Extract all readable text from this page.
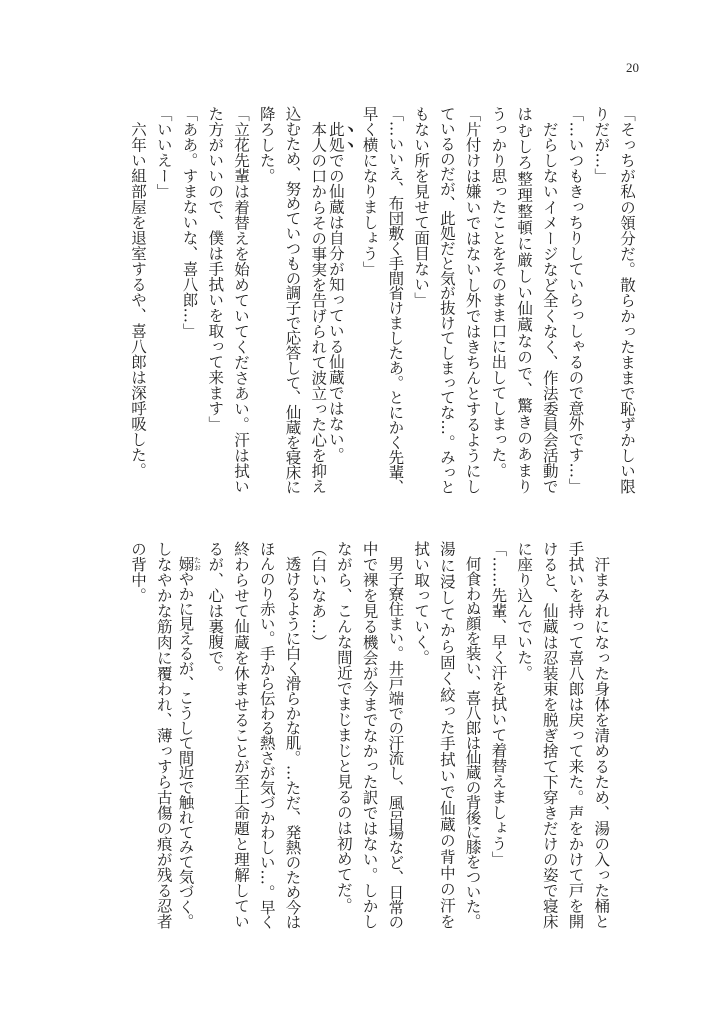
20
「そっちが私の領分だ。散らかったままで恥ずかしい限
りだが…」
「…いつもきっちりしていらっしゃるので意外です…」
　だらしないイメージなど全くなく、作法委員会活動で
はむしろ整理整頓に厳しい仙蔵なので、驚きのあまり
うっかり思ったことをそのまま口に出してしまった。
「片付けは嫌いではないし外ではきちんとするようにし
ているのだが、此処だと気が抜けてしまってな…。みっと
もない所を見せて面目ない」
「…いいえ、布団敷く手間省けましたあ。とにかく先輩、
早く横になりましょう」
　此処での仙蔵は自分が知っている仙蔵ではない。
　本人の口からその事実を告げられて波立った心を抑え
込むため、努めていつもの調子で応答して、仙蔵を寝床に
降ろした。
「立花先輩は着替えを始めていてくださあい。汗は拭い
た方がいいので、僕は手拭いを取って来ます」
「ああ。すまないな、喜八郎…」
「いいえー」
　六年い組部屋を退室するや、喜八郎は深呼吸した。
　汗まみれになった身体を清めるため、湯の入った桶と
手拭いを持って喜八郎は戻って来た。声をかけて戸を開
けると、仙蔵は忍装束を脱ぎ捨て下穿きだけの姿で寝床
に座り込んでいた。
「……先輩、早く汗を拭いて着替えましょう」
　何食わぬ顔を装い、喜八郎は仙蔵の背後に膝をついた。
湯に浸してから固く絞った手拭いで仙蔵の背中の汗を
拭い取っていく。
　男子寮住まい。井戸端での汗流し、風呂場など、日常の
中で裸を見る機会が今までなかった訳ではない。しかし
ながら、こんな間近でまじまじと見るのは初めてだ。
（白いなあ…）
　透けるように白く滑らかな肌。…ただ、発熱のため今は
ほんのり赤い。手から伝わる熱さが気づかわしい…。早く
終わらせて仙蔵を休ませることが至上命題と理解してい
るが、心は裏腹で。
　嫋 たおやかに見えるが、こうして間近で触れてみて気づく。
しなやかな筋肉に覆われ、薄っすら古傷の痕が残る忍者
の背中。
